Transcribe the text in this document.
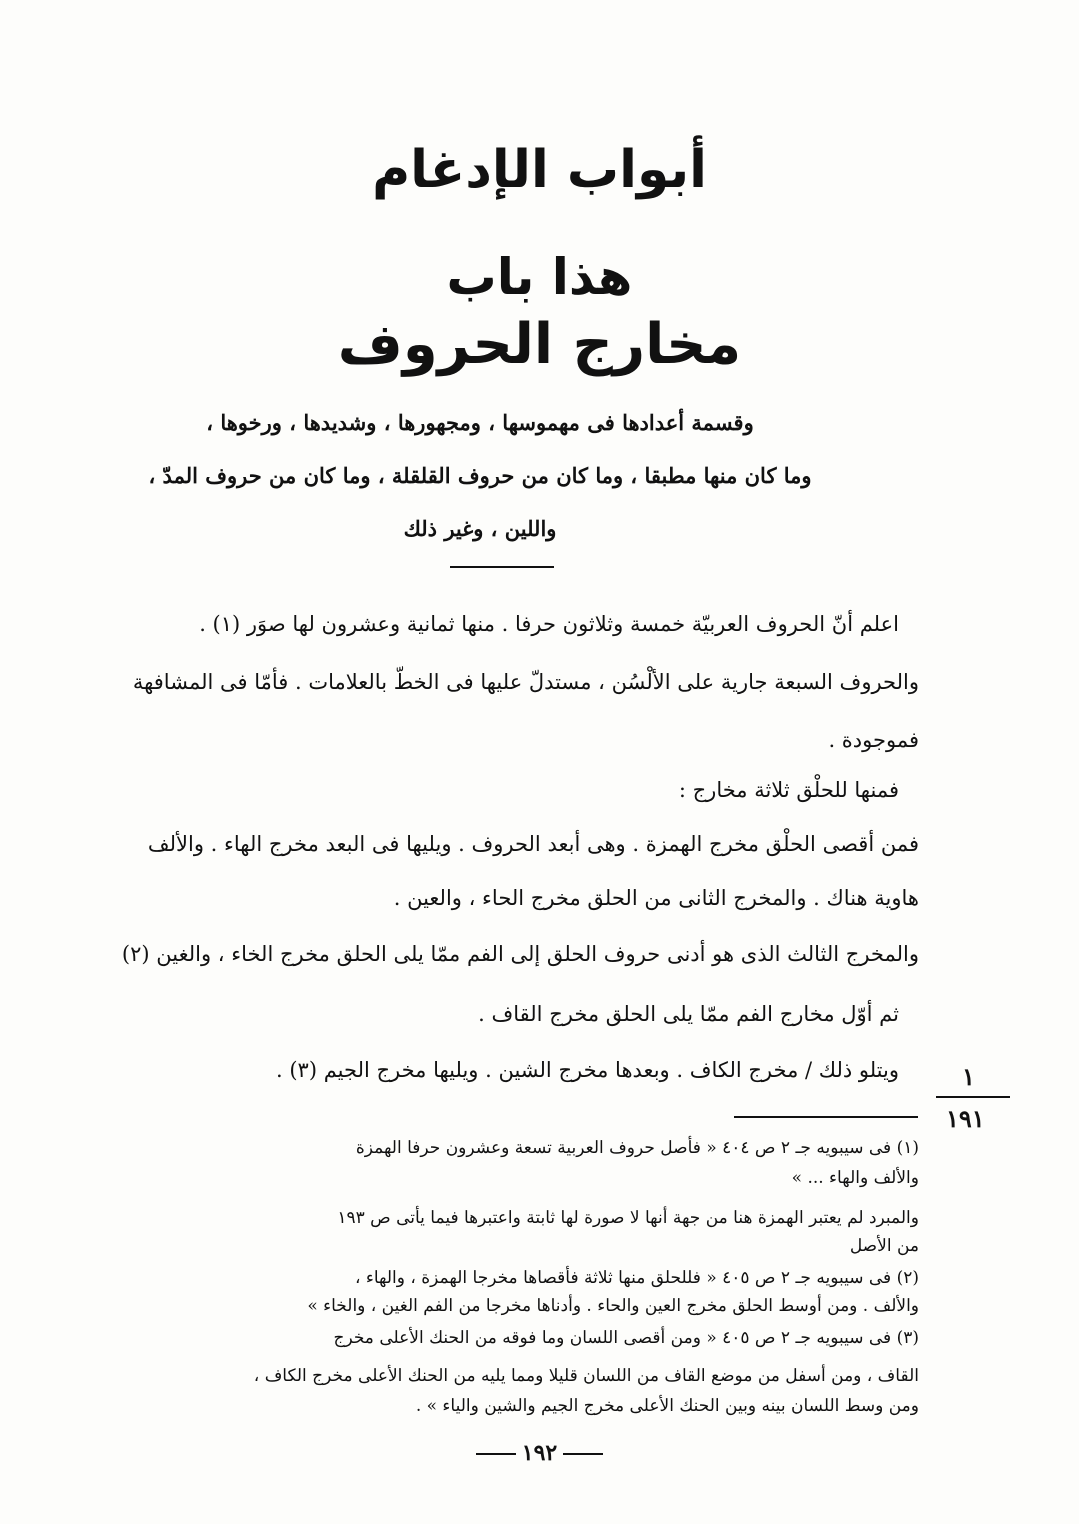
أبواب الإدغام
هذا باب
مخارج الحروف
وقسمة أعدادها فى مهموسها ، ومجهورها ، وشديدها ، ورخوها ،
وما كان منها مطبقا ، وما كان من حروف القلقلة ، وما كان من حروف المدّ ،
واللين ، وغير ذلك
اعلم أنّ الحروف العربيّة خمسة وثلاثون حرفا . منها ثمانية وعشرون لها صوَر (١) .
والحروف السبعة جارية على الألْسُن ، مستدلّ عليها فى الخطّ بالعلامات . فأمّا فى المشافهة
فموجودة .
فمنها للحلْق ثلاثة مخارج :
فمن أقصى الحلْق مخرج الهمزة . وهى أبعد الحروف . ويليها فى البعد مخرج الهاء . والألف
هاوية هناك . والمخرج الثانى من الحلق مخرج الحاء ، والعين .
والمخرج الثالث الذى هو أدنى حروف الحلق إلى الفم ممّا يلى الحلق مخرج الخاء ، والغين (٢)
ثم أوّل مخارج الفم ممّا يلى الحلق مخرج القاف .
ويتلو ذلك / مخرج الكاف . وبعدها مخرج الشين . ويليها مخرج الجيم (٣) .	١
١٩١
(١) فى سيبويه جـ ٢ ص ٤٠٤ « فأصل حروف العربية تسعة وعشرون حرفا الهمزة
والألف والهاء ... »
والمبرد لم يعتبر الهمزة هنا من جهة أنها لا صورة لها ثابتة واعتبرها فيما يأتى ص ١٩٣
من الأصل
(٢) فى سيبويه جـ ٢ ص ٤٠٥ « فللحلق منها ثلاثة فأقصاها مخرجا الهمزة ، والهاء ،
والألف . ومن أوسط الحلق مخرج العين والحاء . وأدناها مخرجا من الفم الغين ، والخاء »
(٣) فى سيبويه جـ ٢ ص ٤٠٥ « ومن أقصى اللسان وما فوقه من الحنك الأعلى مخرج
القاف ، ومن أسفل من موضع القاف من اللسان قليلا ومما يليه من الحنك الأعلى مخرج الكاف ،
ومن وسط اللسان بينه وبين الحنك الأعلى مخرج الجيم والشين والياء » .
١٩٢
